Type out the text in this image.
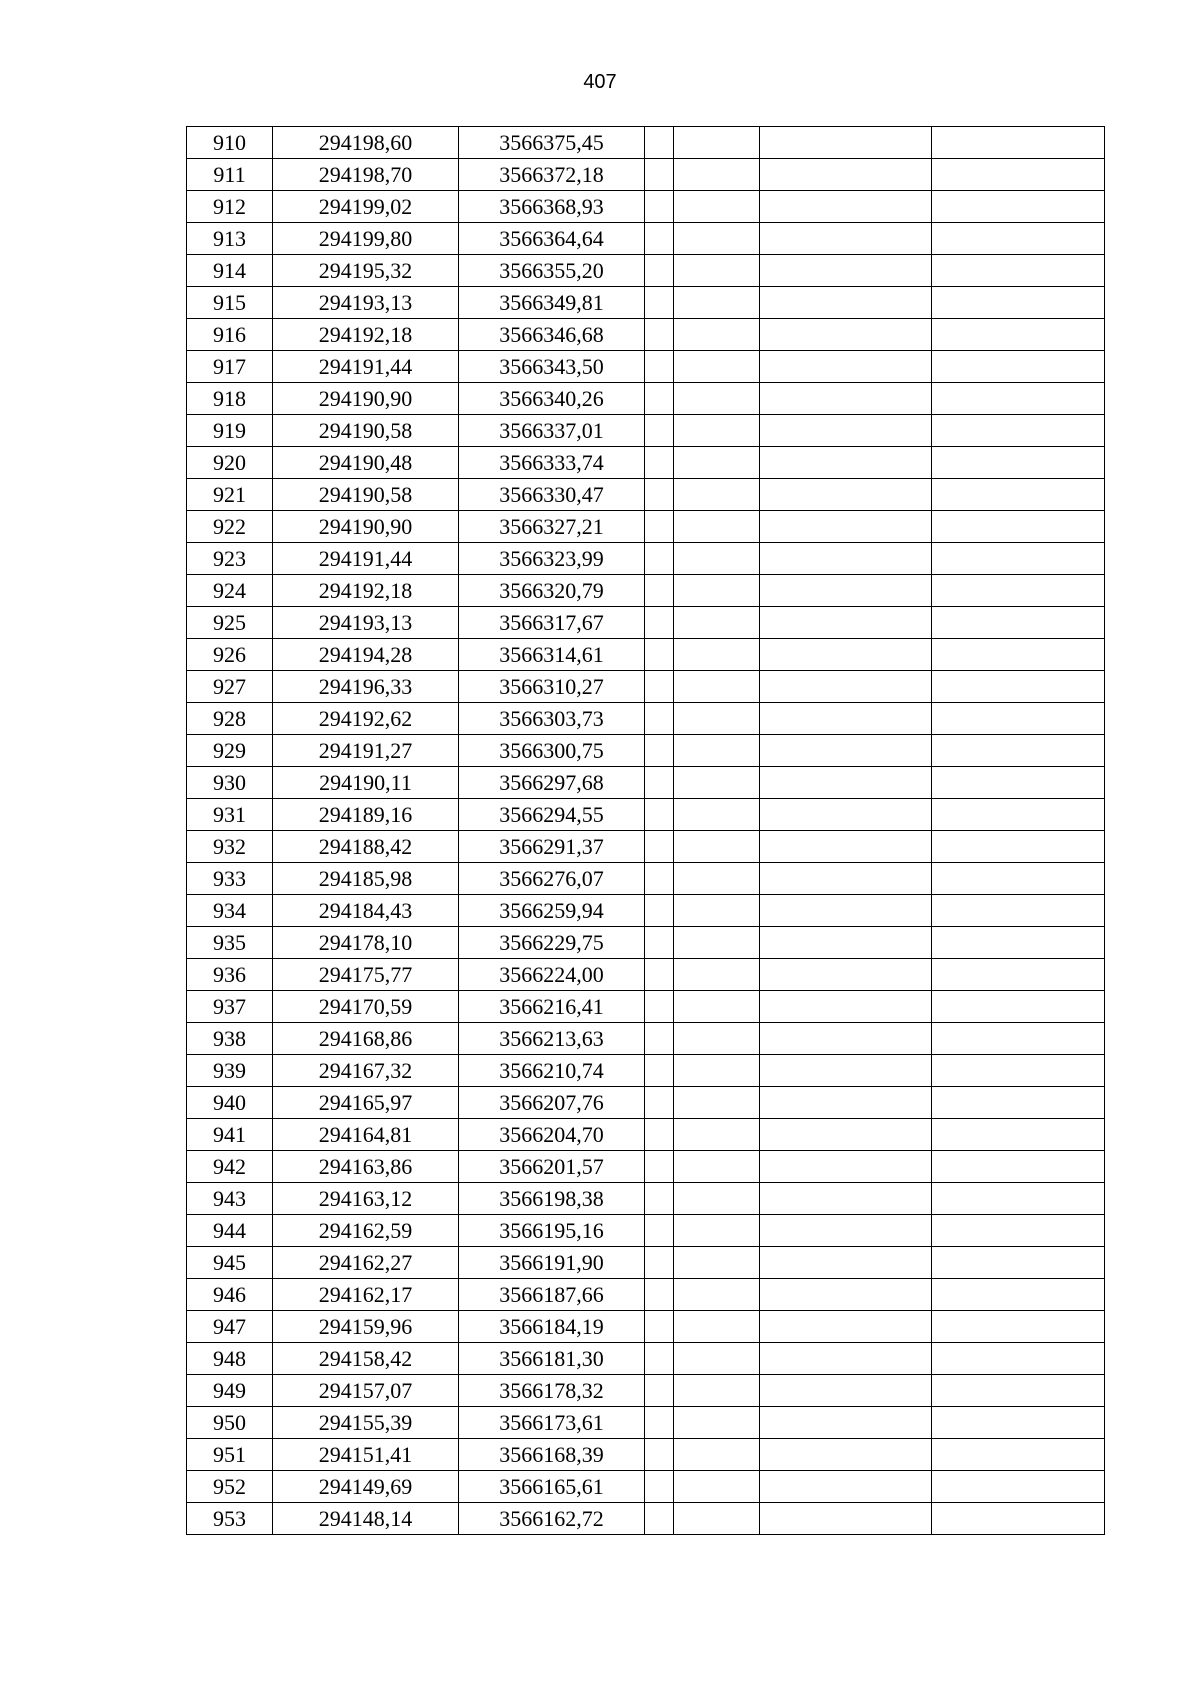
407
910	294198,60	3566375,45				
911	294198,70	3566372,18				
912	294199,02	3566368,93				
913	294199,80	3566364,64				
914	294195,32	3566355,20				
915	294193,13	3566349,81				
916	294192,18	3566346,68				
917	294191,44	3566343,50				
918	294190,90	3566340,26				
919	294190,58	3566337,01				
920	294190,48	3566333,74				
921	294190,58	3566330,47				
922	294190,90	3566327,21				
923	294191,44	3566323,99				
924	294192,18	3566320,79				
925	294193,13	3566317,67				
926	294194,28	3566314,61				
927	294196,33	3566310,27				
928	294192,62	3566303,73				
929	294191,27	3566300,75				
930	294190,11	3566297,68				
931	294189,16	3566294,55				
932	294188,42	3566291,37				
933	294185,98	3566276,07				
934	294184,43	3566259,94				
935	294178,10	3566229,75				
936	294175,77	3566224,00				
937	294170,59	3566216,41				
938	294168,86	3566213,63				
939	294167,32	3566210,74				
940	294165,97	3566207,76				
941	294164,81	3566204,70				
942	294163,86	3566201,57				
943	294163,12	3566198,38				
944	294162,59	3566195,16				
945	294162,27	3566191,90				
946	294162,17	3566187,66				
947	294159,96	3566184,19				
948	294158,42	3566181,30				
949	294157,07	3566178,32				
950	294155,39	3566173,61				
951	294151,41	3566168,39				
952	294149,69	3566165,61				
953	294148,14	3566162,72				
